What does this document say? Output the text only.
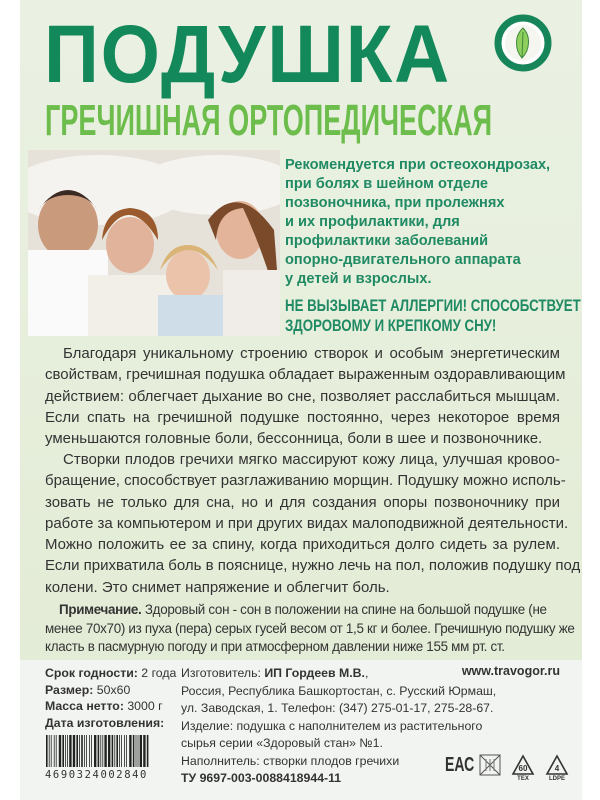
ПОДУШКА
ГРЕЧИШНАЯ ОРТОПЕДИЧЕСКАЯ
Рекомендуется при остеохондрозах,
при болях в шейном отделе
позвоночника, при пролежнях
и их профилактики, для
профилактики заболеваний
опорно-двигательного аппарата
у детей и взрослых.
НЕ ВЫЗЫВАЕТ АЛЛЕРГИИ! СПОСОБСТВУЕТ
ЗДОРОВОМУ И КРЕПКОМУ СНУ!
Благодаря уникальному строению створок и особым энергетическим
свойствам, гречишная подушка обладает выраженным оздоравливающим
действием: облегчает дыхание во сне, позволяет расслабиться мышцам.
Если спать на гречишной подушке постоянно, через некоторое время
уменьшаются головные боли, бессонница, боли в шее и позвоночнике.
Створки плодов гречихи мягко массируют кожу лица, улучшая кровоо-
бращение, способствует разглаживанию морщин. Подушку можно исполь-
зовать не только для сна, но и для создания опоры позвоночнику при
работе за компьютером и при других видах малоподвижной деятельности.
Можно положить ее за спину, когда приходиться долго сидеть за рулем.
Если прихватила боль в пояснице, нужно лечь на пол, положив подушку под
колени. Это снимет напряжение и облегчит боль.
Примечание. Здоровый сон - сон в положении на спине на большой подушке (не
менее 70х70) из пуха (пера) серых гусей весом от 1,5 кг и более. Гречишную подушку же
класть в пасмурную погоду и при атмосферном давлении ниже 155 мм рт. ст.
Срок годности: 2 года
Размер: 50х60
Масса нетто: 3000 г
Дата изготовления:
Изготовитель: ИП Гордеев М.В.,
Россия, Республика Башкортостан, с. Русский Юрмаш,
ул. Заводская, 1. Телефон: (347) 275-01-17, 275-28-67.
Изделие: подушка с наполнителем из растительного
сырья серии «Здоровый стан» №1.
Наполнитель: створки плодов гречихи
ТУ 9697-003-0088418944-11
www.travogor.ru
4690324002840	ЕАС	60
TEX
4
LDPE
